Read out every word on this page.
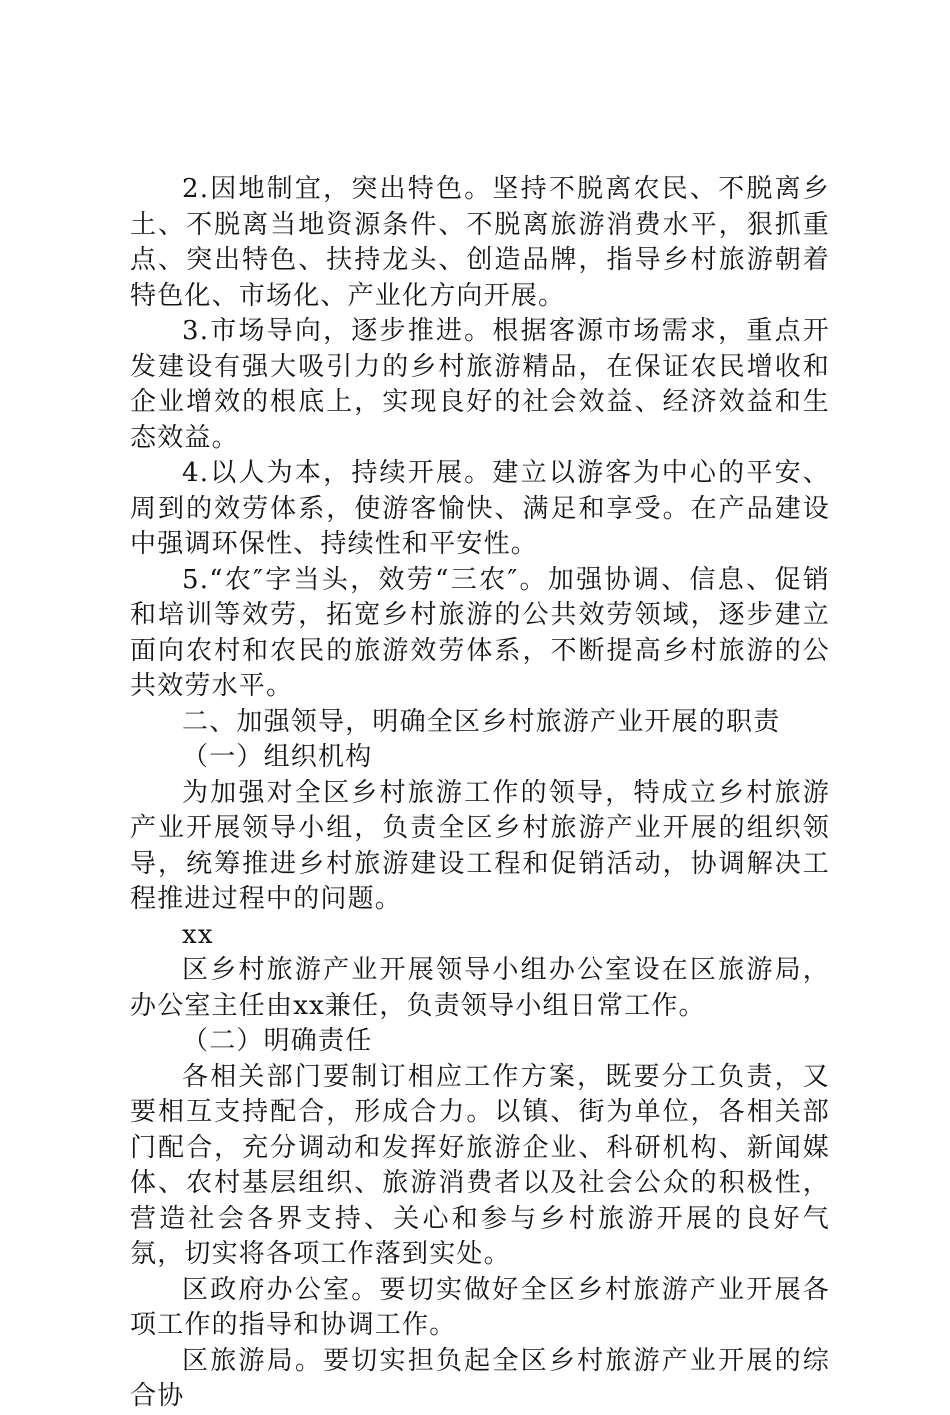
2.因地制宜，突出特色。坚持不脱离农民、不脱离乡土、不脱离当地资源条件、不脱离旅游消费水平，狠抓重点、突出特色、扶持龙头、创造品牌，指导乡村旅游朝着特色化、市场化、产业化方向开展。

3.市场导向，逐步推进。根据客源市场需求，重点开发建设有强大吸引力的乡村旅游精品，在保证农民增收和企业增效的根底上，实现良好的社会效益、经济效益和生态效益。

4.以人为本，持续开展。建立以游客为中心的平安、周到的效劳体系，使游客愉快、满足和享受。在产品建设中强调环保性、持续性和平安性。

5.“农″字当头，效劳“三农″。加强协调、信息、促销和培训等效劳，拓宽乡村旅游的公共效劳领域，逐步建立面向农村和农民的旅游效劳体系，不断提高乡村旅游的公共效劳水平。

二、加强领导，明确全区乡村旅游产业开展的职责

（一）组织机构

为加强对全区乡村旅游工作的领导，特成立乡村旅游产业开展领导小组，负责全区乡村旅游产业开展的组织领导，统筹推进乡村旅游建设工程和促销活动，协调解决工程推进过程中的问题。

xx

区乡村旅游产业开展领导小组办公室设在区旅游局，办公室主任由xx兼任，负责领导小组日常工作。

（二）明确责任

各相关部门要制订相应工作方案，既要分工负责，又要相互支持配合，形成合力。以镇、街为单位，各相关部门配合，充分调动和发挥好旅游企业、科研机构、新闻媒体、农村基层组织、旅游消费者以及社会公众的积极性，营造社会各界支持、关心和参与乡村旅游开展的良好气氛，切实将各项工作落到实处。

区政府办公室。要切实做好全区乡村旅游产业开展各项工作的指导和协调工作。

区旅游局。要切实担负起全区乡村旅游产业开展的综合协
